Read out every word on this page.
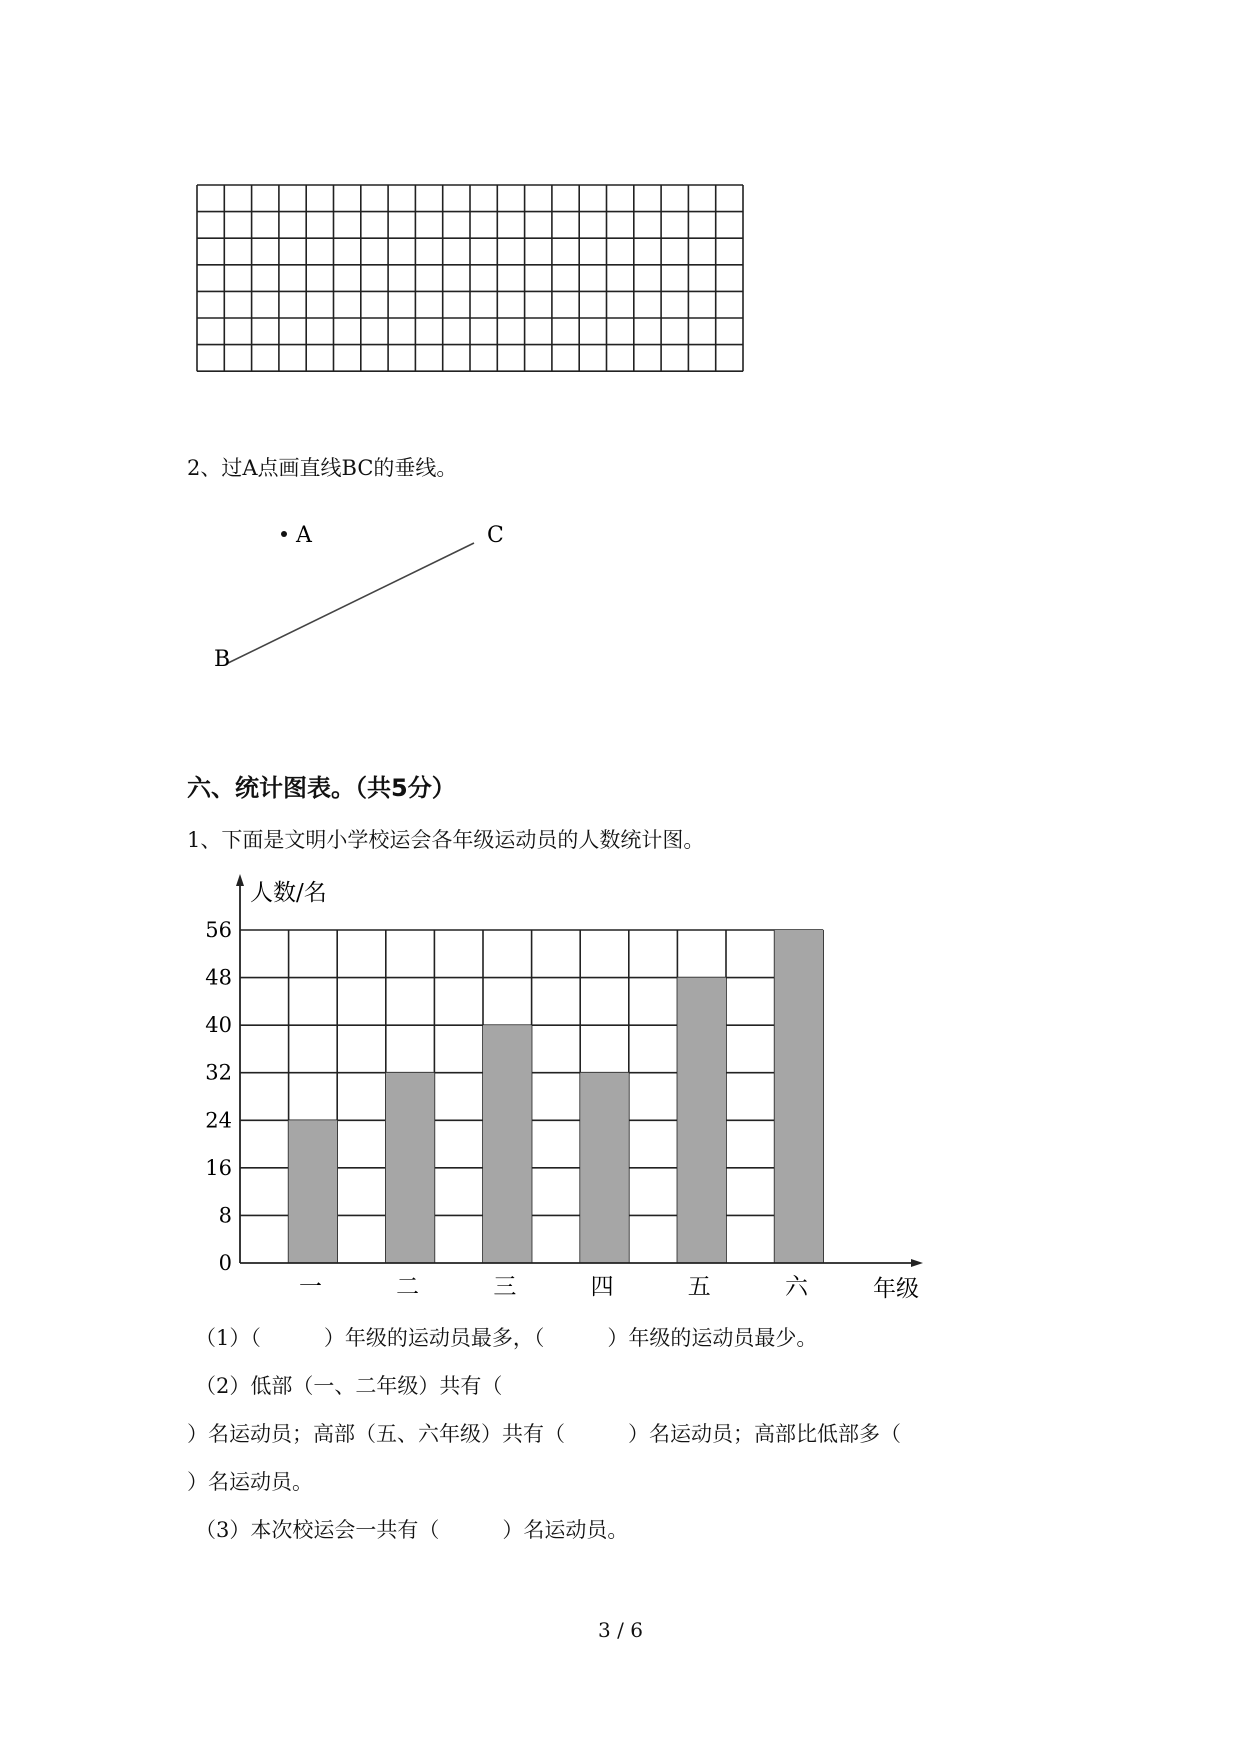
2、过A点画直线BC的垂线。
A
B
C
六、统计图表。（共5分）
1、下面是文明小学校运会各年级运动员的人数统计图。
0
8
16
24
32
40
48
56
一	二	三	四	五	六
人数/名
年级
（1）（　　　）年级的运动员最多，（　　　）年级的运动员最少。
（2）低部（一、二年级）共有（
）名运动员；高部（五、六年级）共有（　　　）名运动员；高部比低部多（
）名运动员。
（3）本次校运会一共有（　　　）名运动员。
3 / 6
